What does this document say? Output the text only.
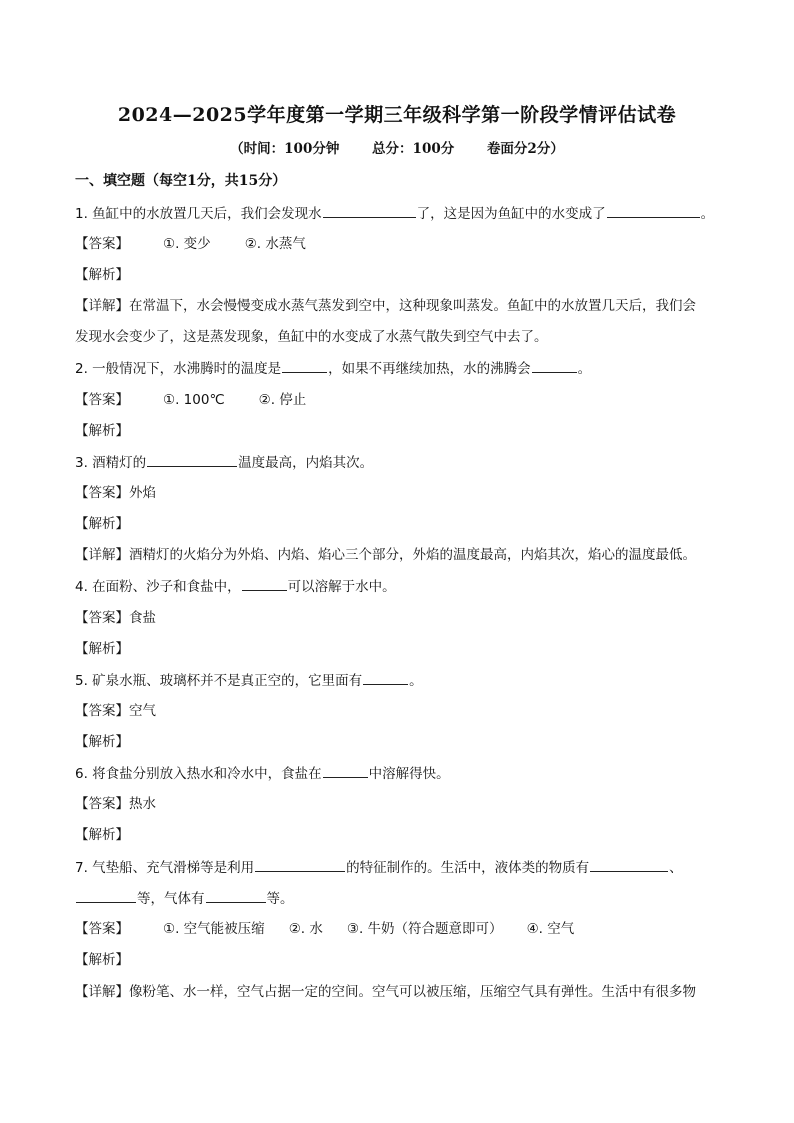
2024—2025学年度第一学期三年级科学第一阶段学情评估试卷
（时间：100分钟 总分：100分 卷面分2分）
一、填空题（每空1分，共15分）
1. 鱼缸中的水放置几天后，我们会发现水	了，这是因为鱼缸中的水变成了	。
【答案】	①. 变少	②. 水蒸气
【解析】
【详解】在常温下，水会慢慢变成水蒸气蒸发到空中，这种现象叫蒸发。鱼缸中的水放置几天后，我们会
发现水会变少了，这是蒸发现象，鱼缸中的水变成了水蒸气散失到空气中去了。
2. 一般情况下，水沸腾时的温度是	，如果不再继续加热，水的沸腾会	。
【答案】	①. 100℃	②. 停止
【解析】
3. 酒精灯的	温度最高，内焰其次。
【答案】外焰
【解析】
【详解】酒精灯的火焰分为外焰、内焰、焰心三个部分，外焰的温度最高，内焰其次，焰心的温度最低。
4. 在面粉、沙子和食盐中，	可以溶解于水中。
【答案】食盐
【解析】
5. 矿泉水瓶、玻璃杯并不是真正空的，它里面有	。
【答案】空气
【解析】
6. 将食盐分别放入热水和冷水中，食盐在	中溶解得快。
【答案】热水
【解析】
7. 气垫船、充气滑梯等是利用	的特征制作的。生活中，液体类的物质有	、
等，气体有	等。
【答案】	①. 空气能被压缩 ②. 水 ③. 牛奶（符合题意即可） ④. 空气
【解析】
【详解】像粉笔、水一样，空气占据一定的空间。空气可以被压缩，压缩空气具有弹性。生活中有很多物
